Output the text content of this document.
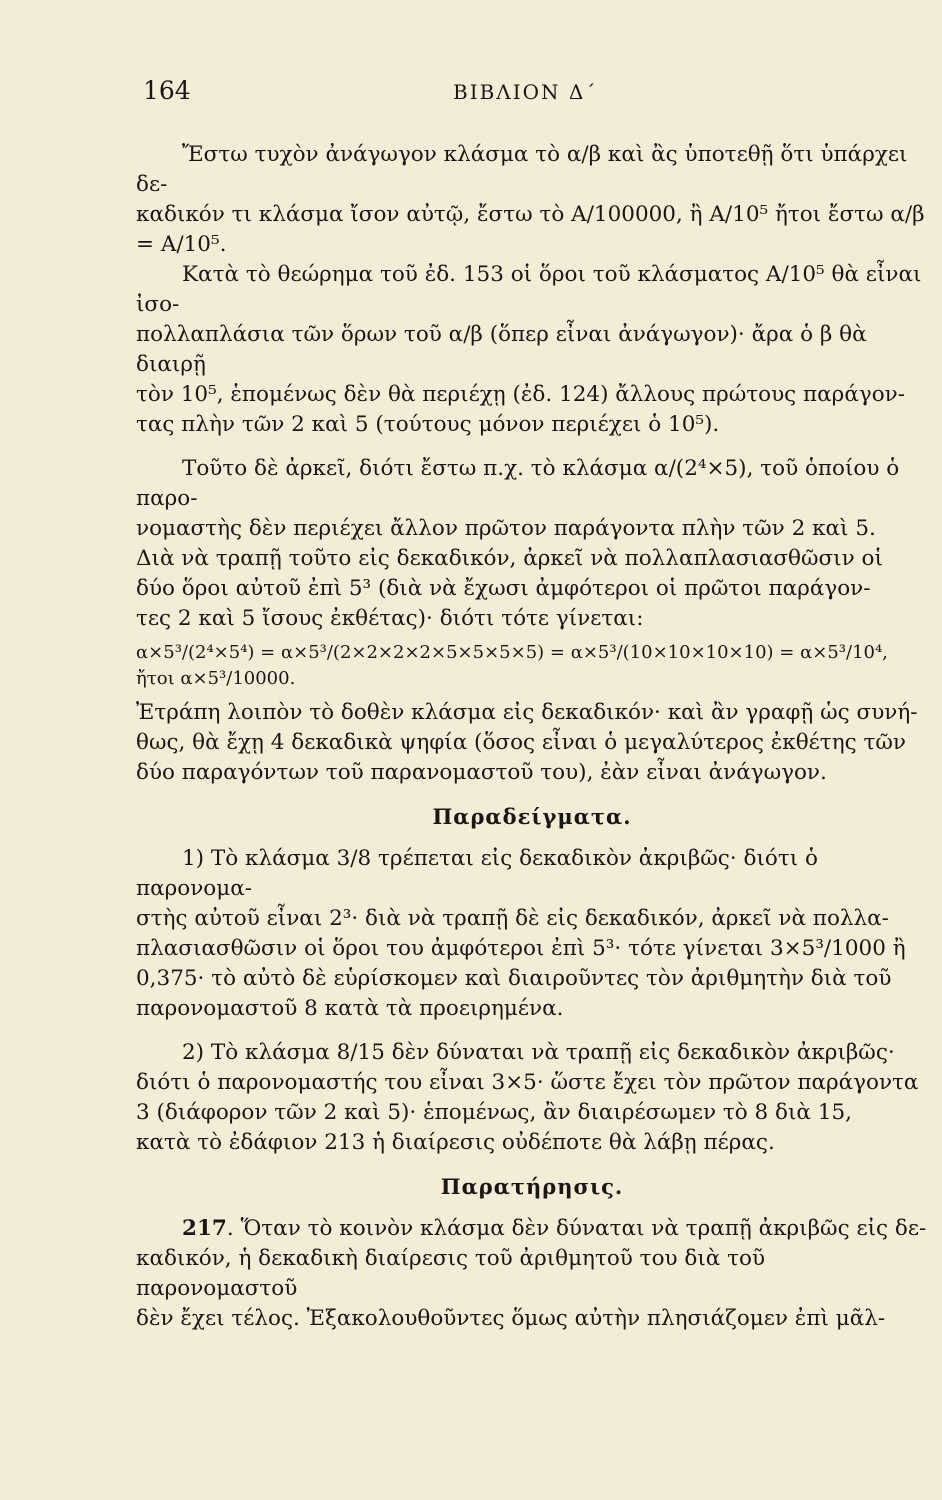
164	ΒΙΒΛΙΟΝ Δ΄

Ἔστω τυχὸν ἀνάγωγον κλάσμα τὸ α/β καὶ ἂς ὑποτεθῇ ὅτι ὑπάρχει δε-

καδικόν τι κλάσμα ἴσον αὐτῷ, ἔστω τὸ Α/100000, ἢ Α/10⁵ ἤτοι ἔστω α/β = Α/10⁵.

Κατὰ τὸ θεώρημα τοῦ ἐδ. 153 οἱ ὅροι τοῦ κλάσματος Α/10⁵ θὰ εἶναι ἰσο-

πολλαπλάσια τῶν ὅρων τοῦ α/β (ὅπερ εἶναι ἀνάγωγον)· ἄρα ὁ β θὰ διαιρῇ

τὸν 10⁵, ἑπομένως δὲν θὰ περιέχῃ (ἐδ. 124) ἄλλους πρώτους παράγον-

τας πλὴν τῶν 2 καὶ 5 (τούτους μόνον περιέχει ὁ 10⁵).

Τοῦτο δὲ ἀρκεῖ, διότι ἔστω π.χ. τὸ κλάσμα α/(2⁴×5), τοῦ ὁποίου ὁ παρο-

νομαστὴς δὲν περιέχει ἄλλον πρῶτον παράγοντα πλὴν τῶν 2 καὶ 5.

Διὰ νὰ τραπῇ τοῦτο εἰς δεκαδικόν, ἀρκεῖ νὰ πολλαπλασιασθῶσιν οἱ

δύο ὅροι αὐτοῦ ἐπὶ 5³ (διὰ νὰ ἔχωσι ἀμφότεροι οἱ πρῶτοι παράγον-

τες 2 καὶ 5 ἴσους ἐκθέτας)· διότι τότε γίνεται:

α×5³/(2⁴×5⁴) = α×5³/(2×2×2×2×5×5×5×5) = α×5³/(10×10×10×10) = α×5³/10⁴, ἤτοι α×5³/10000.

Ἐτράπη λοιπὸν τὸ δοθὲν κλάσμα εἰς δεκαδικόν· καὶ ἂν γραφῇ ὡς συνή-

θως, θὰ ἔχῃ 4 δεκαδικὰ ψηφία (ὅσος εἶναι ὁ μεγαλύτερος ἐκθέτης τῶν

δύο παραγόντων τοῦ παρανομαστοῦ του), ἐὰν εἶναι ἀνάγωγον.

Παραδείγματα.

1) Τὸ κλάσμα 3/8 τρέπεται εἰς δεκαδικὸν ἀκριβῶς· διότι ὁ παρονομα-

στὴς αὐτοῦ εἶναι 2³· διὰ νὰ τραπῇ δὲ εἰς δεκαδικόν, ἀρκεῖ νὰ πολλα-

πλασιασθῶσιν οἱ ὅροι του ἀμφότεροι ἐπὶ 5³· τότε γίνεται 3×5³/1000 ἢ

0,375· τὸ αὐτὸ δὲ εὑρίσκομεν καὶ διαιροῦντες τὸν ἀριθμητὴν διὰ τοῦ

παρονομαστοῦ 8 κατὰ τὰ προειρημένα.

2) Τὸ κλάσμα 8/15 δὲν δύναται νὰ τραπῇ εἰς δεκαδικὸν ἀκριβῶς·

διότι ὁ παρονομαστής του εἶναι 3×5· ὥστε ἔχει τὸν πρῶτον παράγοντα

3 (διάφορον τῶν 2 καὶ 5)· ἑπομένως, ἂν διαιρέσωμεν τὸ 8 διὰ 15,

κατὰ τὸ ἐδάφιον 213 ἡ διαίρεσις οὐδέποτε θὰ λάβῃ πέρας.

Παρατήρησις.

217. Ὅταν τὸ κοινὸν κλάσμα δὲν δύναται νὰ τραπῇ ἀκριβῶς εἰς δε-

καδικόν, ἡ δεκαδικὴ διαίρεσις τοῦ ἀριθμητοῦ του διὰ τοῦ παρονομαστοῦ

δὲν ἔχει τέλος. Ἐξακολουθοῦντες ὅμως αὐτὴν πλησιάζομεν ἐπὶ μᾶλ-
